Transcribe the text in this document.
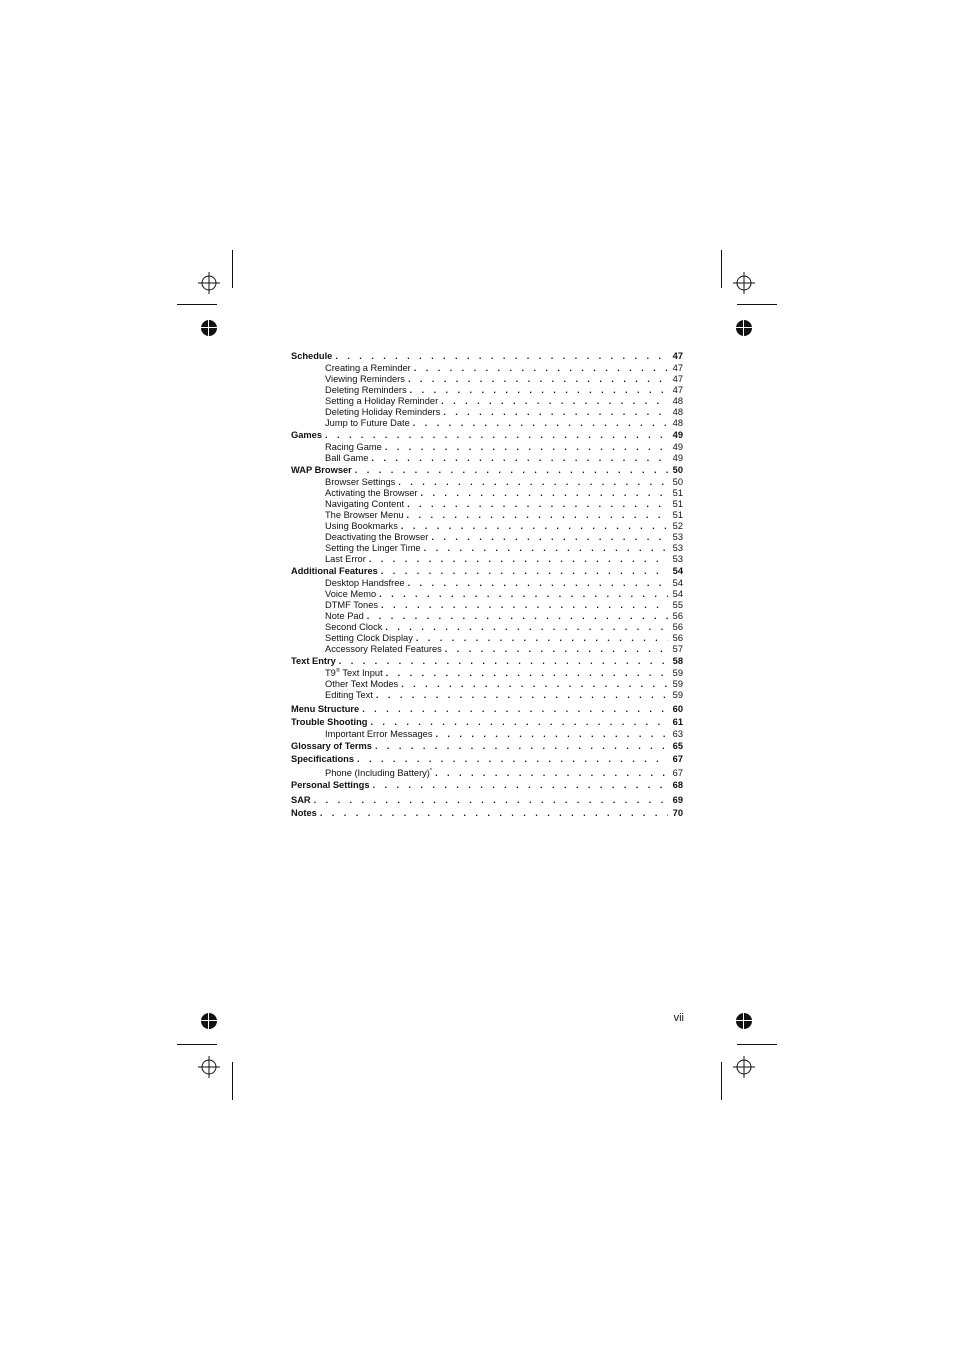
Schedule . . .	47
Creating a Reminder . . .	47
Viewing Reminders . . .	47
Deleting Reminders . . .	47
Setting a Holiday Reminder . . .	48
Deleting Holiday Reminders . . .	48
Jump to Future Date . . .	48
Games . . .	49
Racing Game . . .	49
Ball Game . . .	49
WAP Browser . . .	50
Browser Settings . . .	50
Activating the Browser . . .	51
Navigating Content . . .	51
The Browser Menu . . .	51
Using Bookmarks . . .	52
Deactivating the Browser . . .	53
Setting the Linger Time . . .	53
Last Error . . .	53
Additional Features . . .	54
Desktop Handsfree . . .	54
Voice Memo . . .	54
DTMF Tones . . .	55
Note Pad . . .	56
Second Clock . . .	56
Setting Clock Display . . .	56
Accessory Related Features . . .	57
Text Entry . . .	58
T9® Text Input . . .	59
Other Text Modes . . .	59
Editing Text . . .	59
Menu Structure . . .	60
Trouble Shooting . . .	61
Important Error Messages . . .	63
Glossary of Terms . . .	65
Specifications . . .	67
Phone (Including Battery)* . . .	67
Personal Settings . . .	68
SAR . . .	69
Notes . . .	70
vii
